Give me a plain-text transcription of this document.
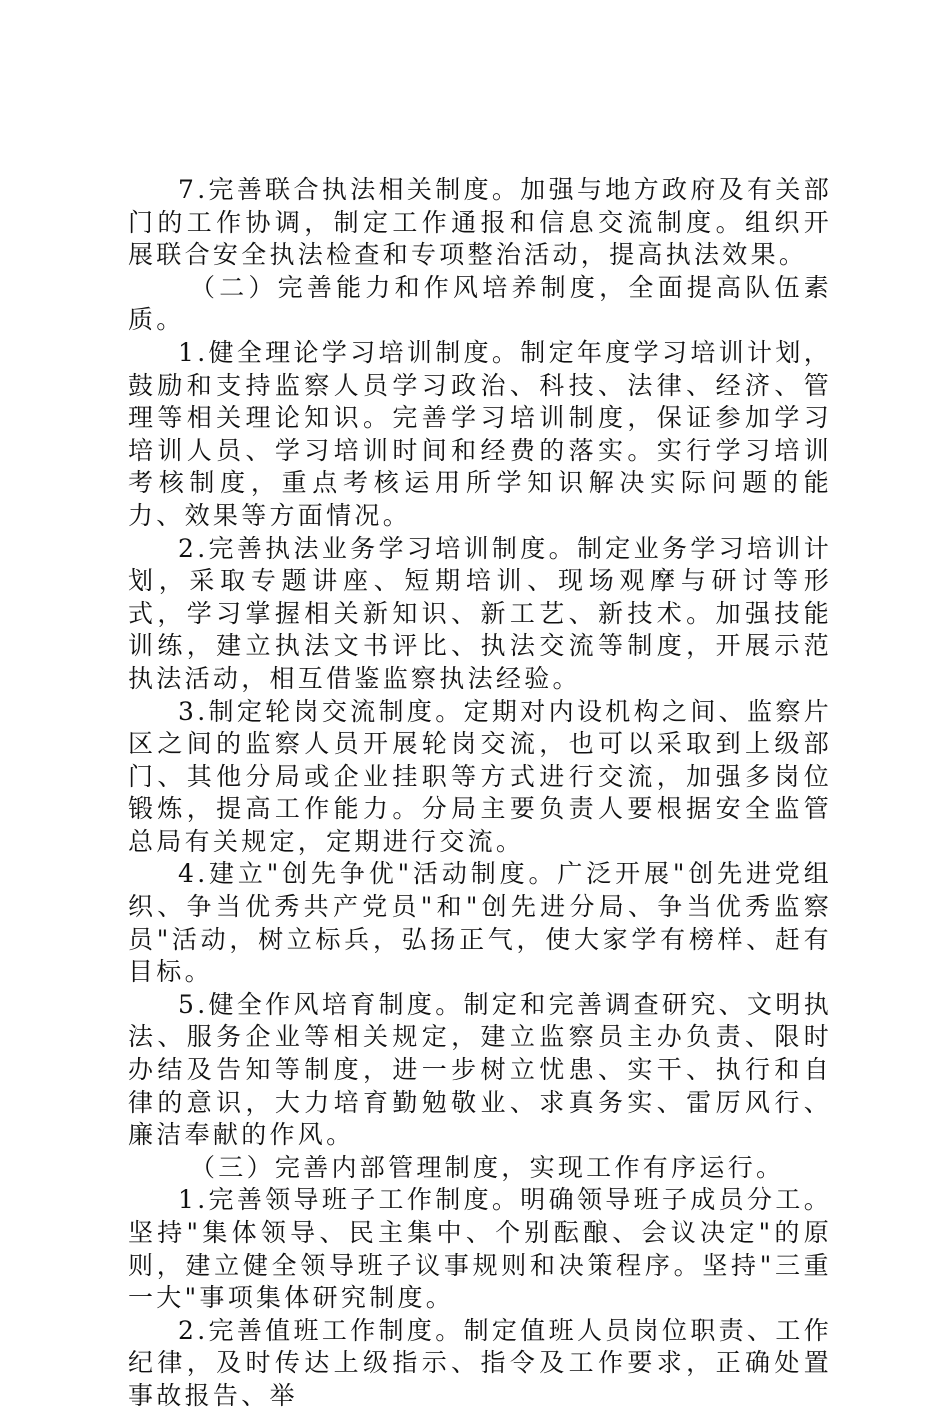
7.完善联合执法相关制度。加强与地方政府及有关部门的工作协调，制定工作通报和信息交流制度。组织开展联合安全执法检查和专项整治活动，提高执法效果。

（二）完善能力和作风培养制度，全面提高队伍素质。

1.健全理论学习培训制度。制定年度学习培训计划，鼓励和支持监察人员学习政治、科技、法律、经济、管理等相关理论知识。完善学习培训制度，保证参加学习培训人员、学习培训时间和经费的落实。实行学习培训考核制度，重点考核运用所学知识解决实际问题的能力、效果等方面情况。

2.完善执法业务学习培训制度。制定业务学习培训计划，采取专题讲座、短期培训、现场观摩与研讨等形式，学习掌握相关新知识、新工艺、新技术。加强技能训练，建立执法文书评比、执法交流等制度，开展示范执法活动，相互借鉴监察执法经验。

3.制定轮岗交流制度。定期对内设机构之间、监察片区之间的监察人员开展轮岗交流，也可以采取到上级部门、其他分局或企业挂职等方式进行交流，加强多岗位锻炼，提高工作能力。分局主要负责人要根据安全监管总局有关规定，定期进行交流。

4.建立"创先争优"活动制度。广泛开展"创先进党组织、争当优秀共产党员"和"创先进分局、争当优秀监察员"活动，树立标兵，弘扬正气，使大家学有榜样、赶有目标。

5.健全作风培育制度。制定和完善调查研究、文明执法、服务企业等相关规定，建立监察员主办负责、限时办结及告知等制度，进一步树立忧患、实干、执行和自律的意识，大力培育勤勉敬业、求真务实、雷厉风行、廉洁奉献的作风。

（三）完善内部管理制度，实现工作有序运行。

1.完善领导班子工作制度。明确领导班子成员分工。坚持"集体领导、民主集中、个别酝酿、会议决定"的原则，建立健全领导班子议事规则和决策程序。坚持"三重一大"事项集体研究制度。

2.完善值班工作制度。制定值班人员岗位职责、工作纪律，及时传达上级指示、指令及工作要求，正确处置事故报告、举
